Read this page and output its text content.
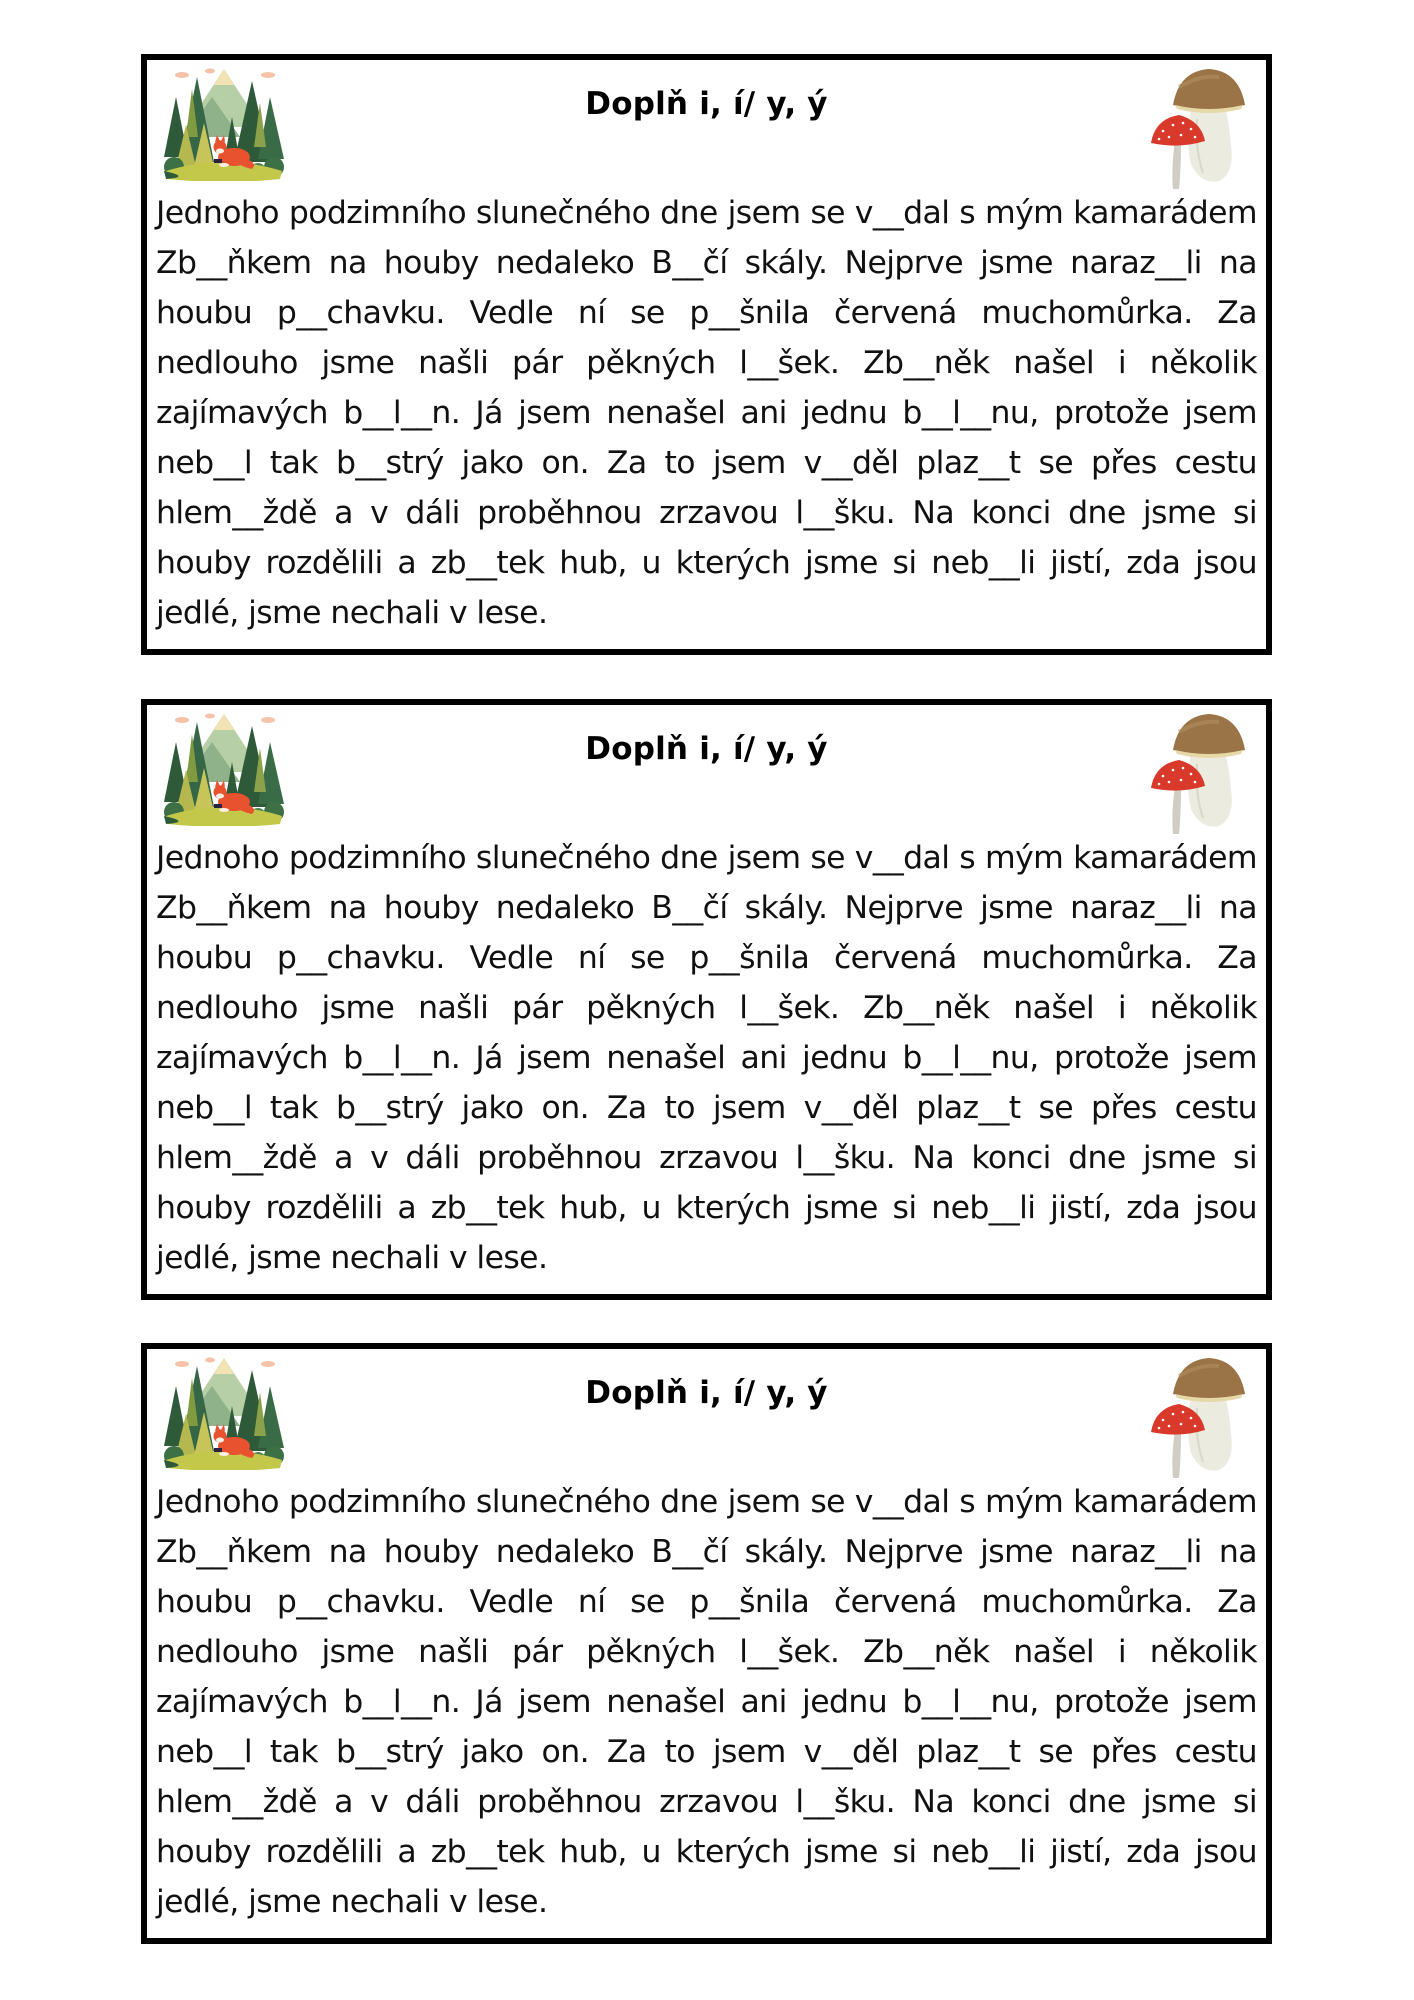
Doplň i, í/ y, ý

Jednoho podzimního slunečného dne jsem se v__dal s mým kamarádem Zb__ňkem na houby nedaleko B__čí skály. Nejprve jsme naraz__li na houbu p__chavku. Vedle ní se p__šnila červená muchomůrka. Za nedlouho jsme našli pár pěkných l__šek. Zb__něk našel i několik zajímavých b__l__n. Já jsem nenašel ani jednu b__l__nu, protože jsem neb__l tak b__strý jako on. Za to jsem v__děl plaz__t se přes cestu hlem__ždě a v dáli proběhnou zrzavou l__šku. Na konci dne jsme si houby rozdělili a zb__tek hub, u kterých jsme si neb__li jistí, zda jsou jedlé, jsme nechali v lese.

Doplň i, í/ y, ý

Jednoho podzimního slunečného dne jsem se v__dal s mým kamarádem Zb__ňkem na houby nedaleko B__čí skály. Nejprve jsme naraz__li na houbu p__chavku. Vedle ní se p__šnila červená muchomůrka. Za nedlouho jsme našli pár pěkných l__šek. Zb__něk našel i několik zajímavých b__l__n. Já jsem nenašel ani jednu b__l__nu, protože jsem neb__l tak b__strý jako on. Za to jsem v__děl plaz__t se přes cestu hlem__ždě a v dáli proběhnou zrzavou l__šku. Na konci dne jsme si houby rozdělili a zb__tek hub, u kterých jsme si neb__li jistí, zda jsou jedlé, jsme nechali v lese.

Doplň i, í/ y, ý

Jednoho podzimního slunečného dne jsem se v__dal s mým kamarádem Zb__ňkem na houby nedaleko B__čí skály. Nejprve jsme naraz__li na houbu p__chavku. Vedle ní se p__šnila červená muchomůrka. Za nedlouho jsme našli pár pěkných l__šek. Zb__něk našel i několik zajímavých b__l__n. Já jsem nenašel ani jednu b__l__nu, protože jsem neb__l tak b__strý jako on. Za to jsem v__děl plaz__t se přes cestu hlem__ždě a v dáli proběhnou zrzavou l__šku. Na konci dne jsme si houby rozdělili a zb__tek hub, u kterých jsme si neb__li jistí, zda jsou jedlé, jsme nechali v lese.
